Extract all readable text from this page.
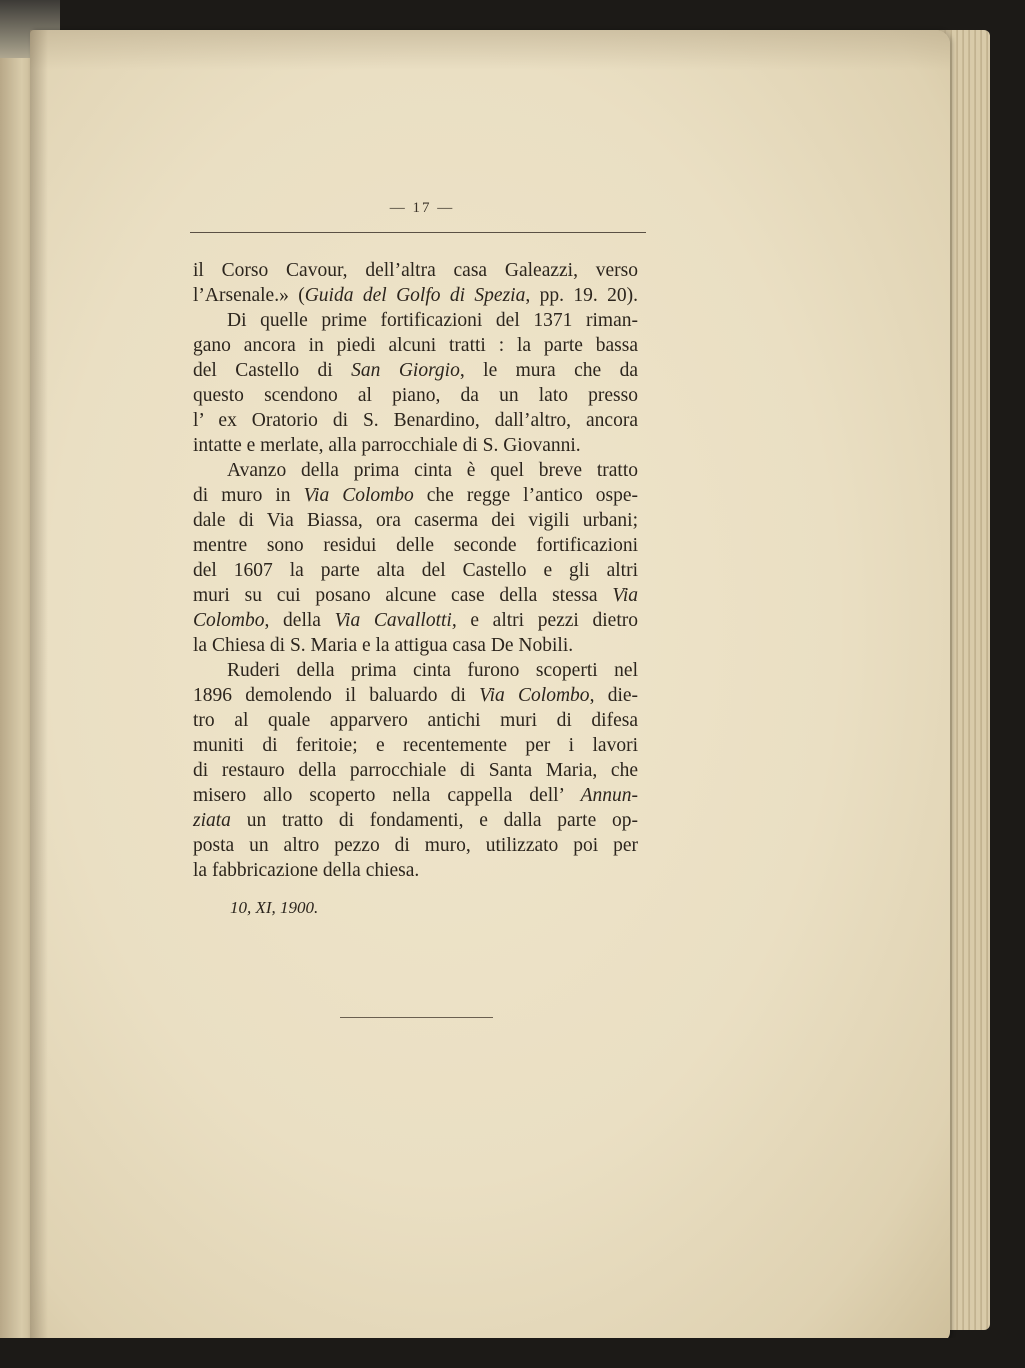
— 17 —
il Corso Cavour, dell’altra casa Galeazzi, verso
l’Arsenale.» (Guida del Golfo di Spezia, pp. 19. 20).
Di quelle prime fortificazioni del 1371 riman-
gano ancora in piedi alcuni tratti : la parte bassa
del Castello di San Giorgio, le mura che da
questo scendono al piano, da un lato presso
l’ ex Oratorio di S. Benardino, dall’altro, ancora
intatte e merlate, alla parrocchiale di S. Giovanni.
Avanzo della prima cinta è quel breve tratto
di muro in Via Colombo che regge l’antico ospe-
dale di Via Biassa, ora caserma dei vigili urbani;
mentre sono residui delle seconde fortificazioni
del 1607 la parte alta del Castello e gli altri
muri su cui posano alcune case della stessa Via
Colombo, della Via Cavallotti, e altri pezzi dietro
la Chiesa di S. Maria e la attigua casa De Nobili.
Ruderi della prima cinta furono scoperti nel
1896 demolendo il baluardo di Via Colombo, die-
tro al quale apparvero antichi muri di difesa
muniti di feritoie; e recentemente per i lavori
di restauro della parrocchiale di Santa Maria, che
misero allo scoperto nella cappella dell’ Annun-
ziata un tratto di fondamenti, e dalla parte op-
posta un altro pezzo di muro, utilizzato poi per
la fabbricazione della chiesa.
10, XI, 1900.
